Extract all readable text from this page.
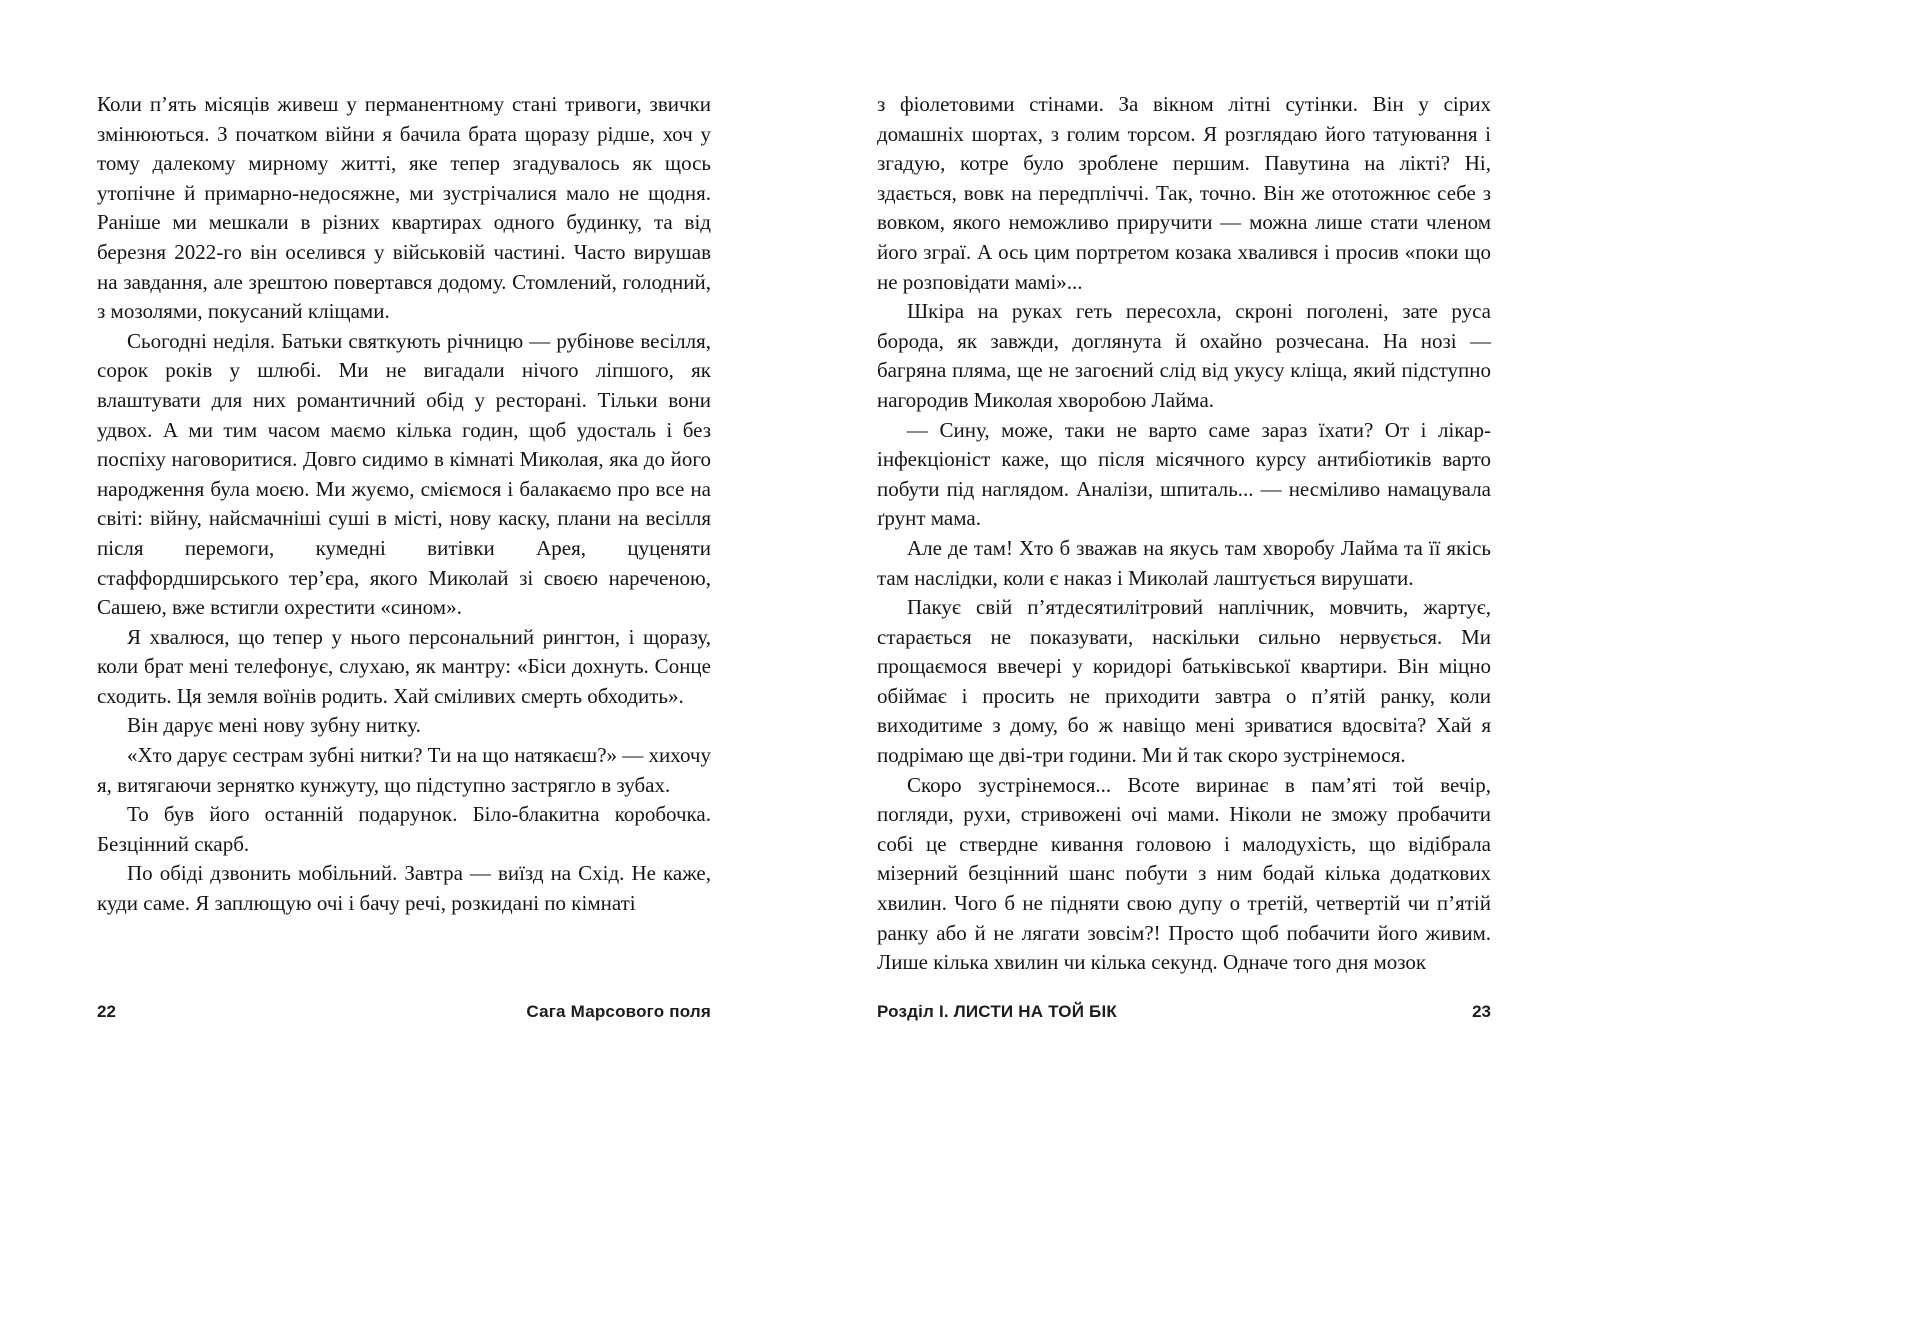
Коли п’ять місяців живеш у перманентному стані тривоги, звички змінюються. З початком війни я бачила брата щоразу рідше, хоч у тому далекому мирному житті, яке тепер згадувалось як щось утопічне й примарно-недосяжне, ми зустрічалися мало не щодня. Раніше ми мешкали в різних квартирах одного будинку, та від березня 2022-го він оселився у військовій частині. Часто вирушав на завдання, але зрештою повертався додому. Стомлений, голодний, з мозолями, покусаний кліщами.

Сьогодні неділя. Батьки святкують річницю — рубінове весілля, сорок років у шлюбі. Ми не вигадали нічого ліпшого, як влаштувати для них романтичний обід у ресторані. Тільки вони удвох. А ми тим часом маємо кілька годин, щоб удосталь і без поспіху наговоритися. Довго сидимо в кімнаті Миколая, яка до його народження була моєю. Ми жуємо, сміємося і балакаємо про все на світі: війну, найсмачніші суші в місті, нову каску, плани на весілля після перемоги, кумедні витівки Арея, цуценяти стаффордширського тер’єра, якого Миколай зі своєю нареченою, Сашею, вже встигли охрестити «сином».

Я хвалюся, що тепер у нього персональний рингтон, і щоразу, коли брат мені телефонує, слухаю, як мантру: «Біси дохнуть. Сонце сходить. Ця земля воїнів родить. Хай сміливих смерть обходить».

Він дарує мені нову зубну нитку.

«Хто дарує сестрам зубні нитки? Ти на що натякаєш?» — хихочу я, витягаючи зернятко кунжуту, що підступно застрягло в зубах.

То був його останній подарунок. Біло-блакитна коробочка. Безцінний скарб.

По обіді дзвонить мобільний. Завтра — виїзд на Схід. Не каже, куди саме. Я заплющую очі і бачу речі, розкидані по кімнаті

22	Сага Марсового поля

з фіолетовими стінами. За вікном літні сутінки. Він у сірих домашніх шортах, з голим торсом. Я розглядаю його татуювання і згадую, котре було зроблене першим. Павутина на лікті? Ні, здається, вовк на передпліччі. Так, точно. Він же ототожнює себе з вовком, якого неможливо приручити — можна лише стати членом його зграї. А ось цим портретом козака хвалився і просив «поки що не розповідати мамі»...

Шкіра на руках геть пересохла, скроні поголені, зате руса борода, як завжди, доглянута й охайно розчесана. На нозі — багряна пляма, ще не загоєний слід від укусу кліща, який підступно нагородив Миколая хворобою Лайма.

— Сину, може, таки не варто саме зараз їхати? От і лікар-інфекціоніст каже, що після місячного курсу антибіотиків варто побути під наглядом. Аналізи, шпиталь... — несміливо намацувала ґрунт мама.

Але де там! Хто б зважав на якусь там хворобу Лайма та її якісь там наслідки, коли є наказ і Миколай лаштується вирушати.

Пакує свій п’ятдесятилітровий наплічник, мовчить, жартує, старається не показувати, наскільки сильно нервується. Ми прощаємося ввечері у коридорі батьківської квартири. Він міцно обіймає і просить не приходити завтра о п’ятій ранку, коли виходитиме з дому, бо ж навіщо мені зриватися вдосвіта? Хай я подрімаю ще дві-три години. Ми й так скоро зустрінемося.

Скоро зустрінемося... Всоте виринає в пам’яті той вечір, погляди, рухи, стривожені очі мами. Ніколи не зможу пробачити собі це ствердне кивання головою і малодухість, що відібрала мізерний безцінний шанс побути з ним бодай кілька додаткових хвилин. Чого б не підняти свою дупу о третій, четвертій чи п’ятій ранку або й не лягати зовсім?! Просто щоб побачити його живим. Лише кілька хвилин чи кілька секунд. Одначе того дня мозок

Розділ І. ЛИСТИ НА ТОЙ БІК	23
